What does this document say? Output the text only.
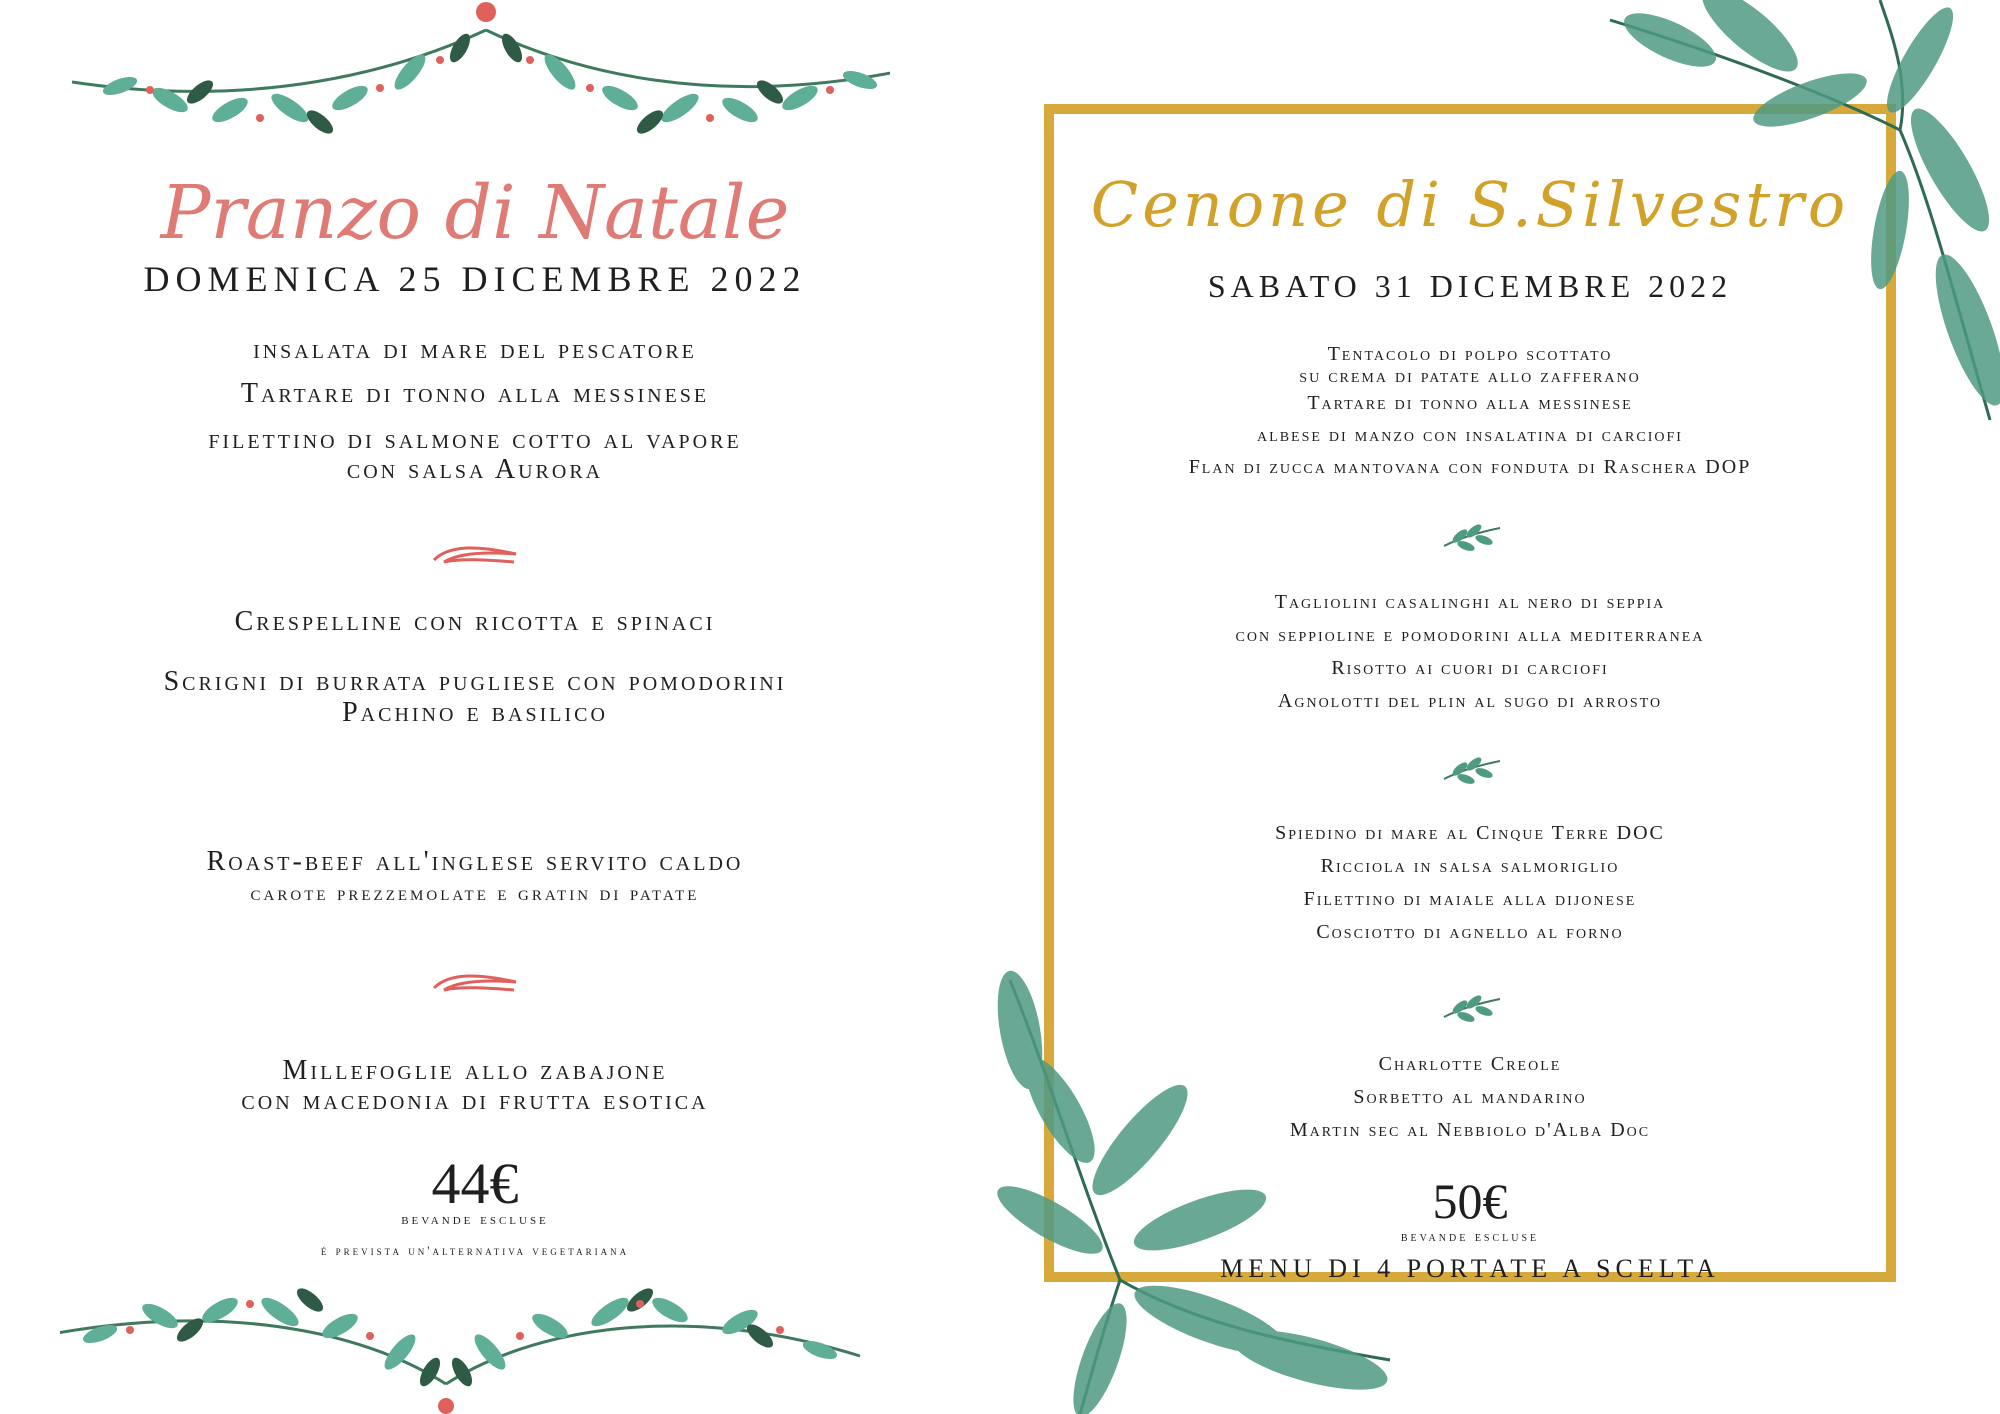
Pranzo di Natale
DOMENICA 25 DICEMBRE 2022
insalata di mare del pescatore
Tartare di tonno alla messinese
filettino di salmone cotto al vapore
con salsa Aurora
Crespelline con ricotta e spinaci
Scrigni di burrata pugliese con pomodorini
Pachino e basilico
Roast-beef all'inglese servito caldo
carote prezzemolate e gratin di patate
Millefoglie allo zabajone
con macedonia di frutta esotica
44€
bevande escluse
é prevista un'alternativa vegetariana
Cenone di S.Silvestro
SABATO 31 DICEMBRE 2022
Tentacolo di polpo scottato
su crema di patate allo zafferano
Tartare di tonno alla messinese
albese di manzo con insalatina di carciofi
Flan di zucca mantovana con fonduta di Raschera DOP
Tagliolini casalinghi al nero di seppia
con seppioline e pomodorini alla mediterranea
Risotto ai cuori di carciofi
Agnolotti del plin al sugo di arrosto
Spiedino di mare al Cinque Terre DOC
Ricciola in salsa salmoriglio
Filettino di maiale alla dijonese
Cosciotto di agnello al forno
Charlotte Creole
Sorbetto al mandarino
Martin sec al Nebbiolo d'Alba Doc
50€
bevande escluse
MENU DI 4 PORTATE A SCELTA
